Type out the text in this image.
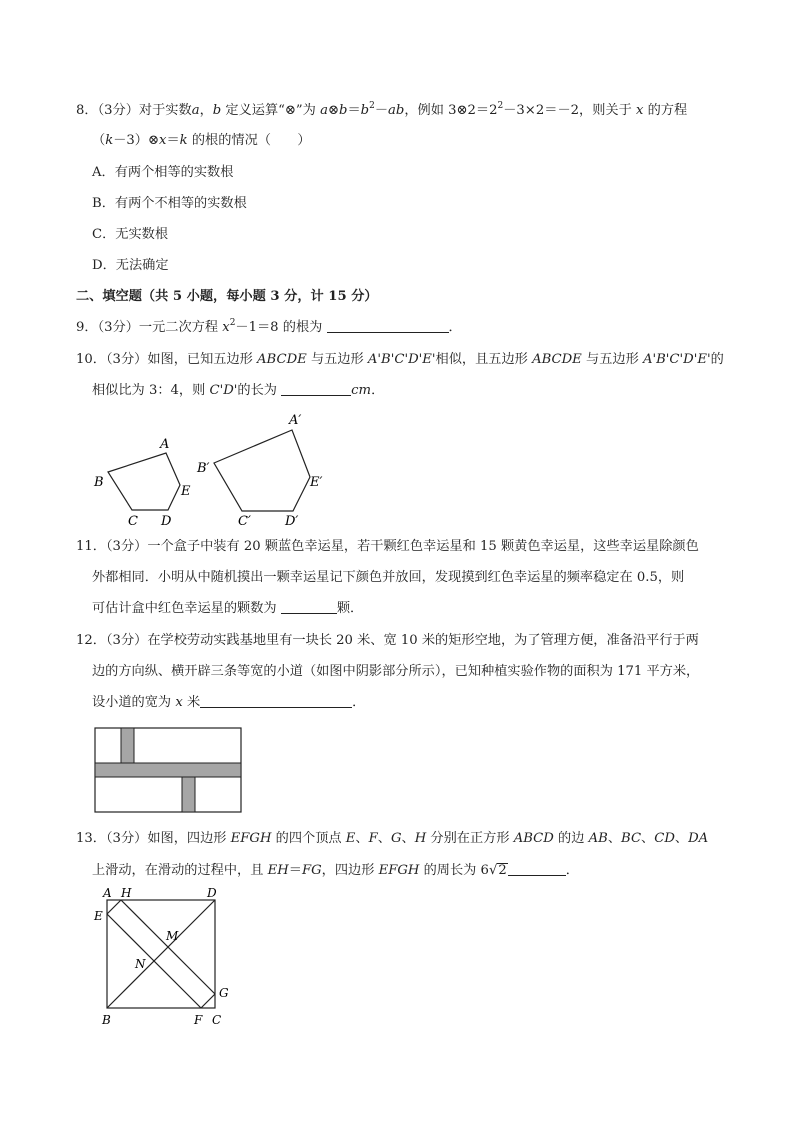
8．（3分）对于实数a，b 定义运算“⊗”为 $a\otimes b=b^2-ab$，例如 $3\otimes 2=2^2-3\times 2=-2$，则关于 x 的方程
（k－3）⊗x＝k 的根的情况（　　）
A．有两个相等的实数根
B．有两个不相等的实数根
C．无实数根
D．无法确定
二、填空题（共 5 小题，每小题 3 分，计 15 分）
9．（3分）一元二次方程 $x^2-1=8$ 的根为	．
10．（3分）如图，已知五边形 ABCDE 与五边形 A'B'C'D'E'相似，且五边形 ABCDE 与五边形 A'B'C'D'E'的
相似比为 3：4，则 C'D'的长为	cm．
A
B
C D
E
A′
B′
C′	D′
E′
11．（3分）一个盒子中装有 20 颗蓝色幸运星，若干颗红色幸运星和 15 颗黄色幸运星，这些幸运星除颜色
外都相同．小明从中随机摸出一颗幸运星记下颜色并放回，发现摸到红色幸运星的频率稳定在 0.5，则
可估计盒中红色幸运星的颗数为	颗．
12．（3分）在学校劳动实践基地里有一块长 20 米、宽 10 米的矩形空地，为了管理方便，准备沿平行于两
边的方向纵、横开辟三条等宽的小道（如图中阴影部分所示），已知种植实验作物的面积为 171 平方米，
设小道的宽为 x 米	．
13．（3分）如图，四边形 EFGH 的四个顶点 E、F、G、H 分别在正方形 ABCD 的边 AB、BC、CD、DA
上滑动，在滑动的过程中，且 EH＝FG，四边形 EFGH 的周长为 6√2	．
A H	D
E
M
N
G
B	F C
